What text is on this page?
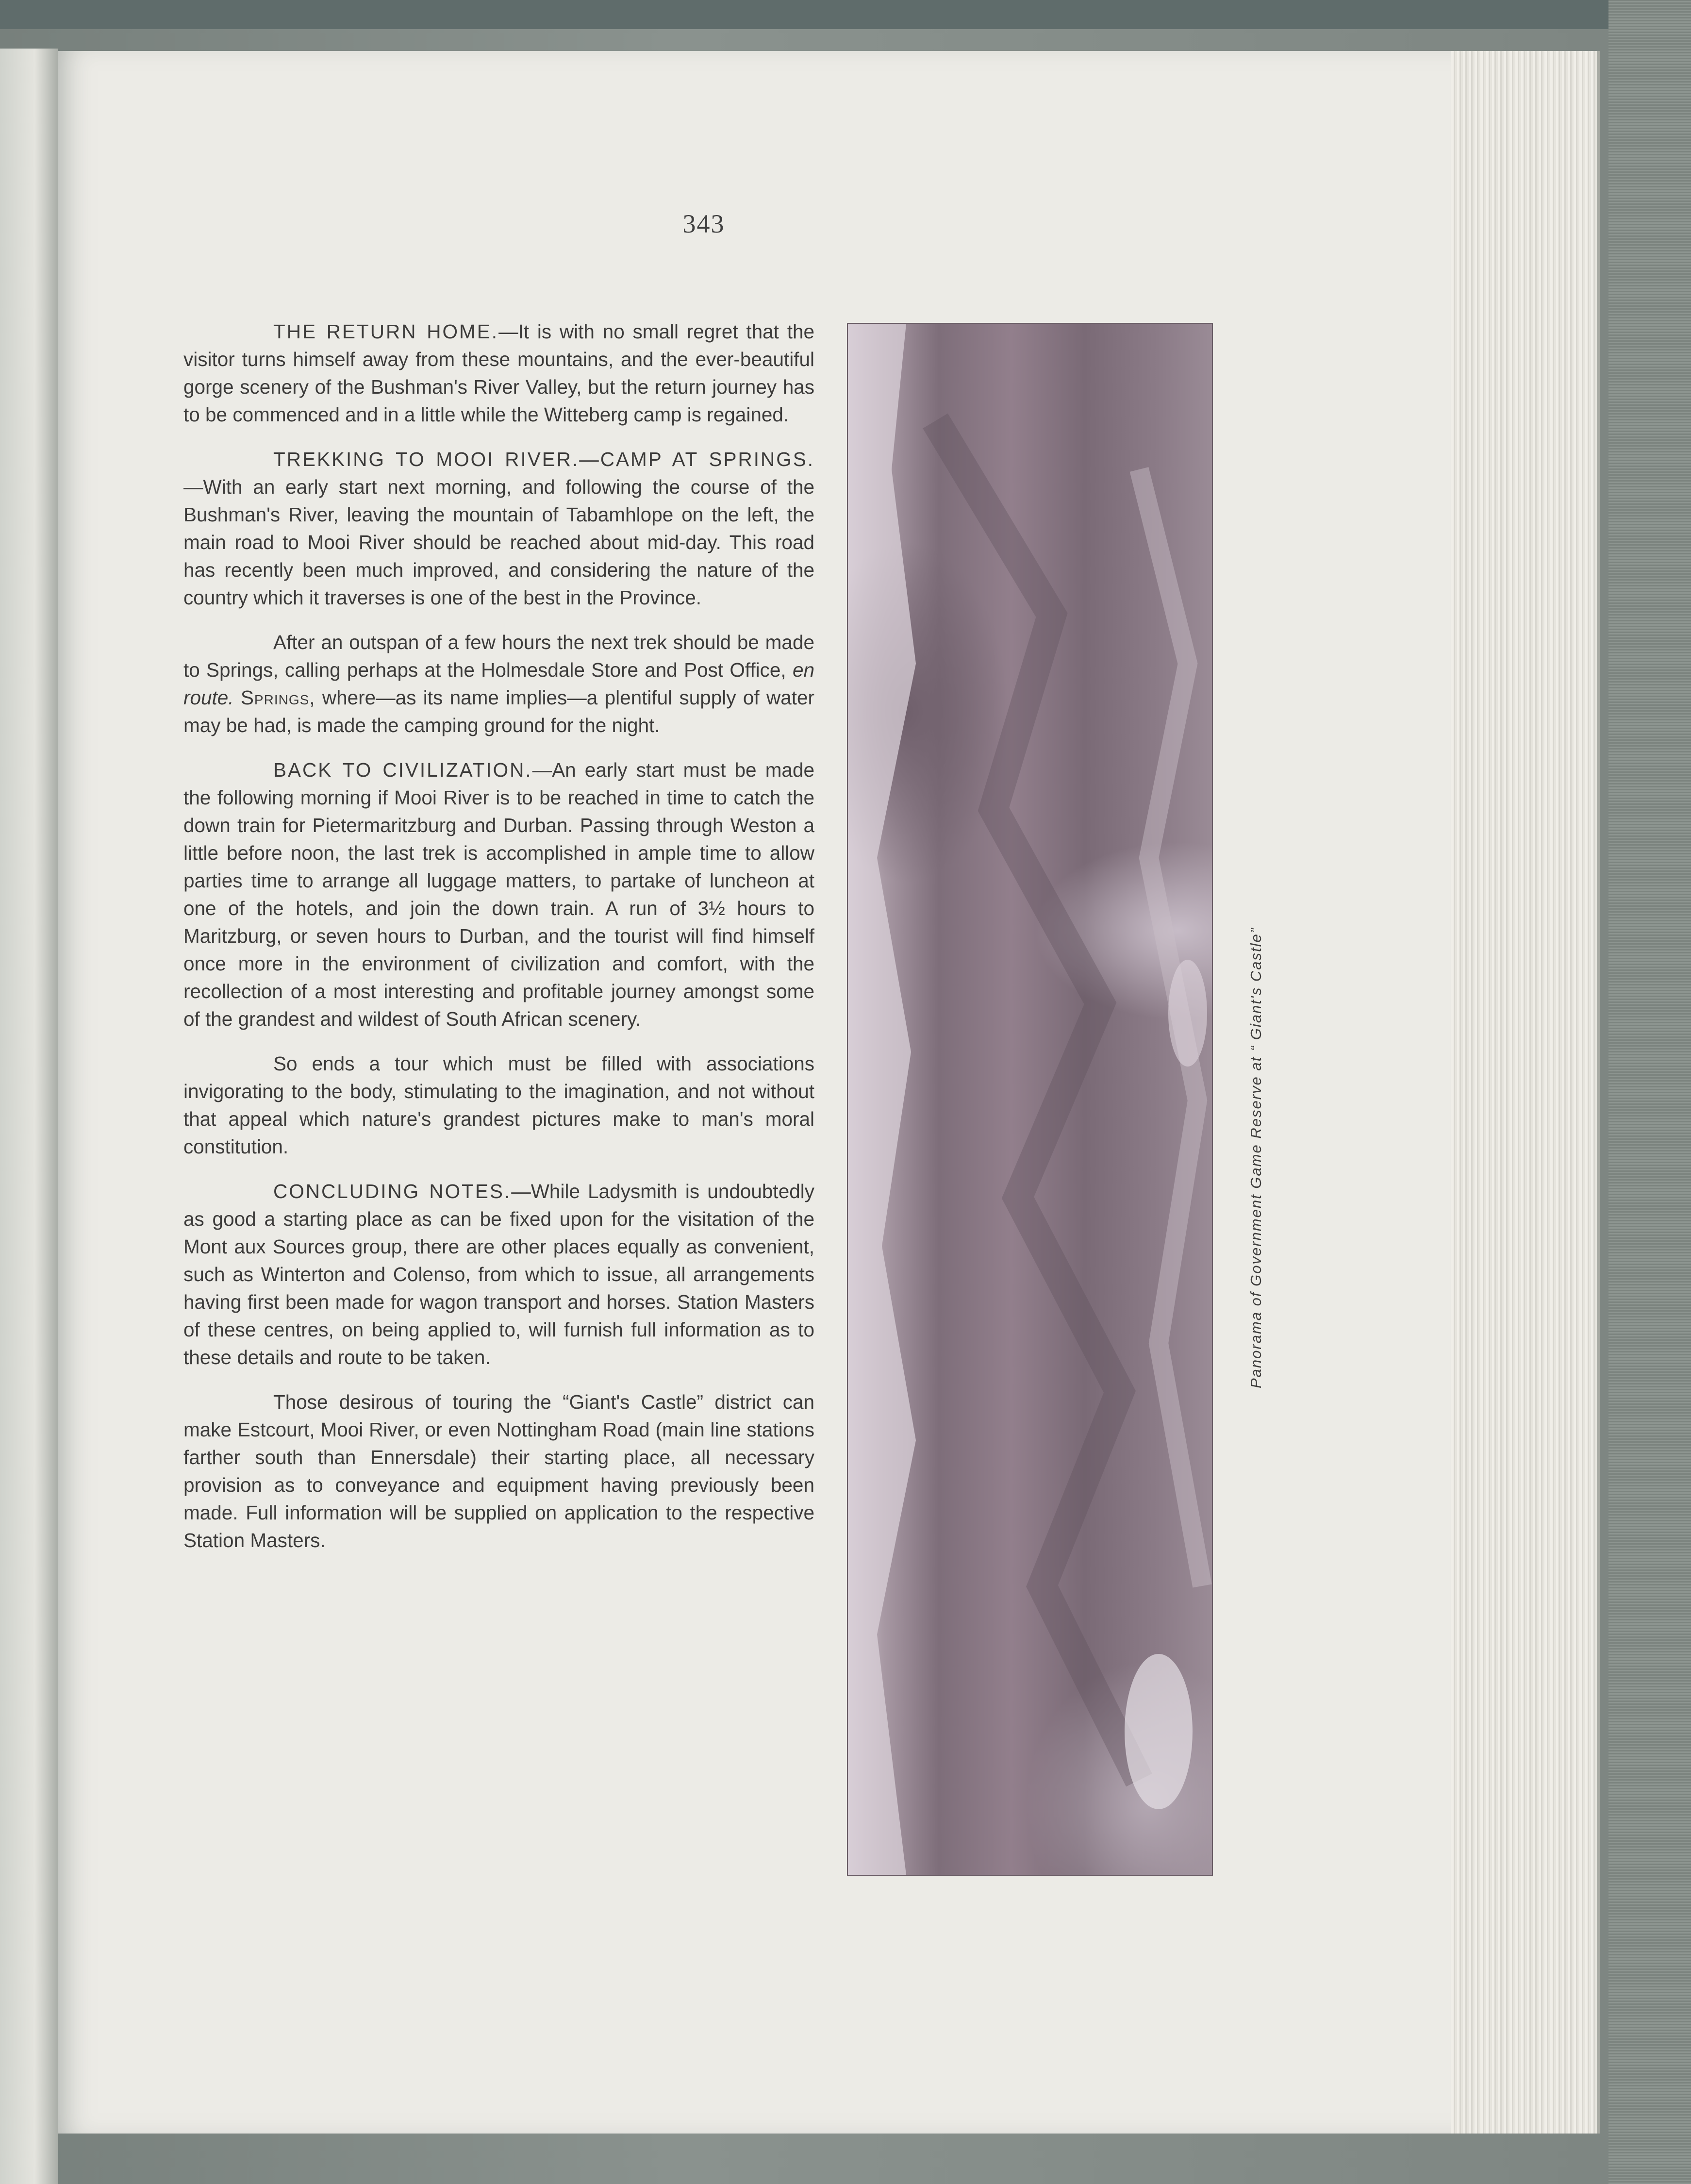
343

THE RETURN HOME.—It is with no small regret that the visitor turns himself away from these mountains, and the ever-beautiful gorge scenery of the Bushman's River Valley, but the return journey has to be commenced and in a little while the Witteberg camp is regained.

TREKKING TO MOOI RIVER.—CAMP AT SPRINGS.—With an early start next morning, and following the course of the Bushman's River, leaving the mountain of Tabamhlope on the left, the main road to Mooi River should be reached about mid-day. This road has recently been much improved, and considering the nature of the country which it traverses is one of the best in the Province.

After an outspan of a few hours the next trek should be made to Springs, calling perhaps at the Holmesdale Store and Post Office, en route. Springs, where—as its name implies—a plentiful supply of water may be had, is made the camping ground for the night.

BACK TO CIVILIZATION.—An early start must be made the following morning if Mooi River is to be reached in time to catch the down train for Pietermaritzburg and Durban. Passing through Weston a little before noon, the last trek is accomplished in ample time to allow parties time to arrange all luggage matters, to partake of luncheon at one of the hotels, and join the down train. A run of 3½ hours to Maritzburg, or seven hours to Durban, and the tourist will find himself once more in the environment of civilization and comfort, with the recollection of a most interesting and profitable journey amongst some of the grandest and wildest of South African scenery.

So ends a tour which must be filled with associations invigorating to the body, stimulating to the imagination, and not without that appeal which nature's grandest pictures make to man's moral constitution.

CONCLUDING NOTES.—While Ladysmith is undoubtedly as good a starting place as can be fixed upon for the visitation of the Mont aux Sources group, there are other places equally as convenient, such as Winterton and Colenso, from which to issue, all arrangements having first been made for wagon transport and horses. Station Masters of these centres, on being applied to, will furnish full information as to these details and route to be taken.

Those desirous of touring the “Giant's Castle” district can make Estcourt, Mooi River, or even Nottingham Road (main line stations farther south than Ennersdale) their starting place, all necessary provision as to conveyance and equipment having previously been made. Full information will be supplied on application to the respective Station Masters.

Panorama of Government Game Reserve at “ Giant's Castle”
